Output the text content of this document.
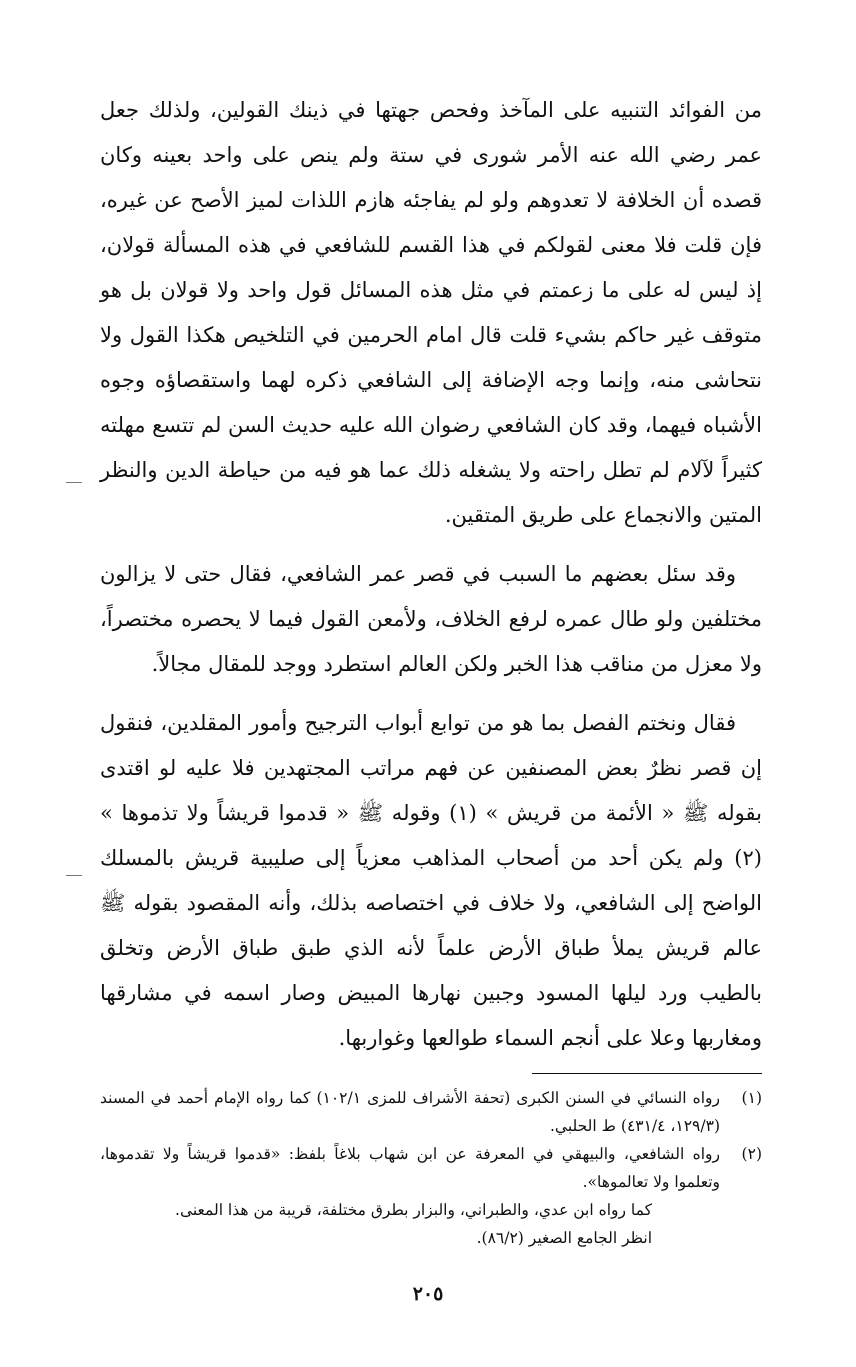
من الفوائد التنبيه على المآخذ وفحص جهتها في ذينك القولين، ولذلك جعل عمر رضي الله عنه الأمر شورى في ستة ولم ينص على واحد بعينه وكان قصده أن الخلافة لا تعدوهم ولو لم يفاجئه هازم اللذات لميز الأصح عن غيره، فإن قلت فلا معنى لقولكم في هذا القسم للشافعي في هذه المسألة قولان، إذ ليس له على ما زعمتم في مثل هذه المسائل قول واحد ولا قولان بل هو متوقف غير حاكم بشيء قلت قال امام الحرمين في التلخيص هكذا القول ولا نتحاشى منه، وإنما وجه الإضافة إلى الشافعي ذكره لهما واستقصاؤه وجوه الأشباه فيهما، وقد كان الشافعي رضوان الله عليه حديث السن لم تتسع مهلته كثيراً لآلام لم تطل راحته ولا يشغله ذلك عما هو فيه من حياطة الدين والنظر المتين والانجماع على طريق المتقين.

وقد سئل بعضهم ما السبب في قصر عمر الشافعي، فقال حتى لا يزالون مختلفين ولو طال عمره لرفع الخلاف، ولأمعن القول فيما لا يحصره مختصراً، ولا معزل من مناقب هذا الخبر ولكن العالم استطرد ووجد للمقال مجالاً.

فقال ونختم الفصل بما هو من توابع أبواب الترجيح وأمور المقلدين، فنقول إن قصر نظرٌ بعض المصنفين عن فهم مراتب المجتهدين فلا عليه لو اقتدى بقوله ﷺ « الأئمة من قريش » (١) وقوله ﷺ « قدموا قريشاً ولا تذموها » (٢) ولم يكن أحد من أصحاب المذاهب معزياً إلى صليبية قريش بالمسلك الواضح إلى الشافعي، ولا خلاف في اختصاصه بذلك، وأنه المقصود بقوله ﷺ عالم قريش يملأ طباق الأرض علماً لأنه الذي طبق طباق الأرض وتخلق بالطيب ورد ليلها المسود وجبين نهارها المبيض وصار اسمه في مشارقها ومغاربها وعلا على أنجم السماء طوالعها وغواربها.

(١)
رواه النسائي في السنن الكبرى (تحفة الأشراف للمزى ١٠٢/١) كما رواه الإمام أحمد في المسند (١٢٩/٣، ٤٣١/٤) ط الحلبي.
(٢)
رواه الشافعي، والبيهقي في المعرفة عن ابن شهاب بلاغاً بلفظ: «قدموا قريشاً ولا تقدموها، وتعلموا ولا تعالموها».
كما رواه ابن عدي، والطبراني، والبزار بطرق مختلفة، قريبة من هذا المعنى.
انظر الجامع الصغير (٨٦/٢).
٢٠٥
